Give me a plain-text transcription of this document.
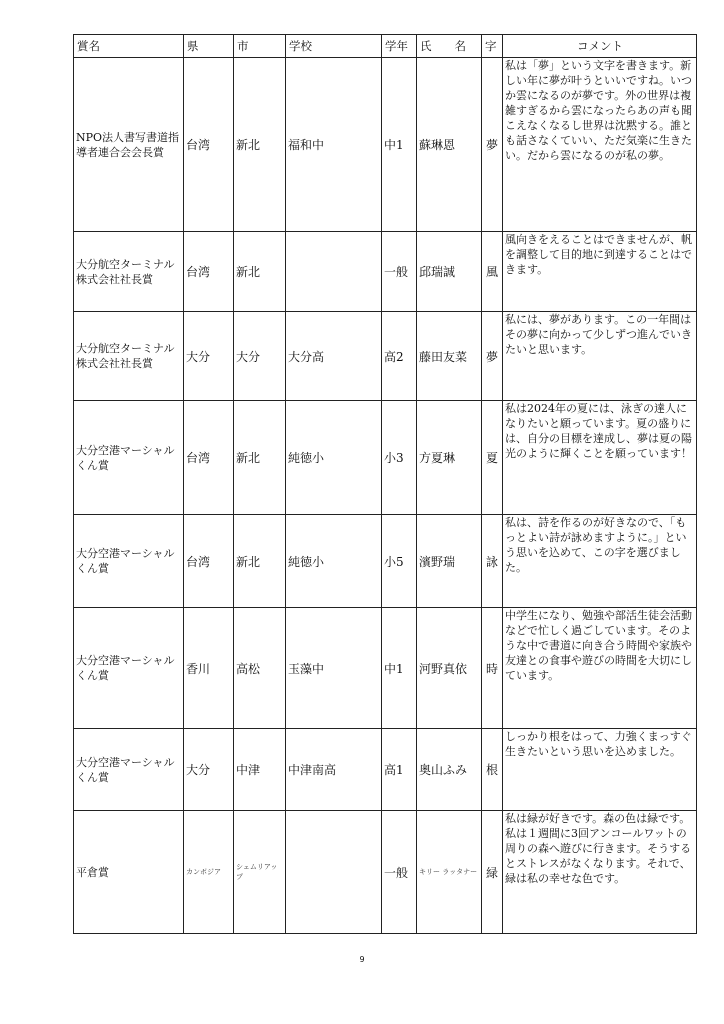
賞名	県	市	学校	学年	氏　　名	字	コメント
NPO法人書写書道指導者連合会会長賞	台湾	新北	福和中	中1	蘇琳恩	夢	私は「夢」という文字を書きます。新しい年に夢が叶うといいですね。いつか雲になるのが夢です。外の世界は複雑すぎるから雲になったらあの声も聞こえなくなるし世界は沈黙する。誰とも話さなくていい、ただ気楽に生きたい。だから雲になるのが私の夢。
大分航空ターミナル株式会社社長賞	台湾	新北		一般	邱瑞誠	風	風向きをえることはできませんが、帆を調整して目的地に到達することはできます。
大分航空ターミナル株式会社社長賞	大分	大分	大分高	高2	藤田友菜	夢	私には、夢があります。この一年間はその夢に向かって少しずつ進んでいきたいと思います。
大分空港マーシャルくん賞	台湾	新北	純徳小	小3	方夏琳	夏	私は2024年の夏には、泳ぎの達人になりたいと願っています。夏の盛りには、自分の目標を達成し、夢は夏の陽光のように輝くことを願っています！
大分空港マーシャルくん賞	台湾	新北	純徳小	小5	濱野瑞	詠	私は、詩を作るのが好きなので、「もっとよい詩が詠めますように。」という思いを込めて、この字を選びました。
大分空港マーシャルくん賞	香川	高松	玉藻中	中1	河野真依	時	中学生になり、勉強や部活生徒会活動などで忙しく過ごしています。そのような中で書道に向き合う時間や家族や友達との食事や遊びの時間を大切にしています。
大分空港マーシャルくん賞	大分	中津	中津南高	高1	奥山ふみ	根	しっかり根をはって、力強くまっすぐ生きたいという思いを込めました。
平倉賞	カンボジア	シェムリアップ		一般	キリー ラッタナー	緑	私は緑が好きです。森の色は緑です。私は１週間に3回アンコールワットの周りの森へ遊びに行きます。そうするとストレスがなくなります。それで、緑は私の幸せな色です。
9
